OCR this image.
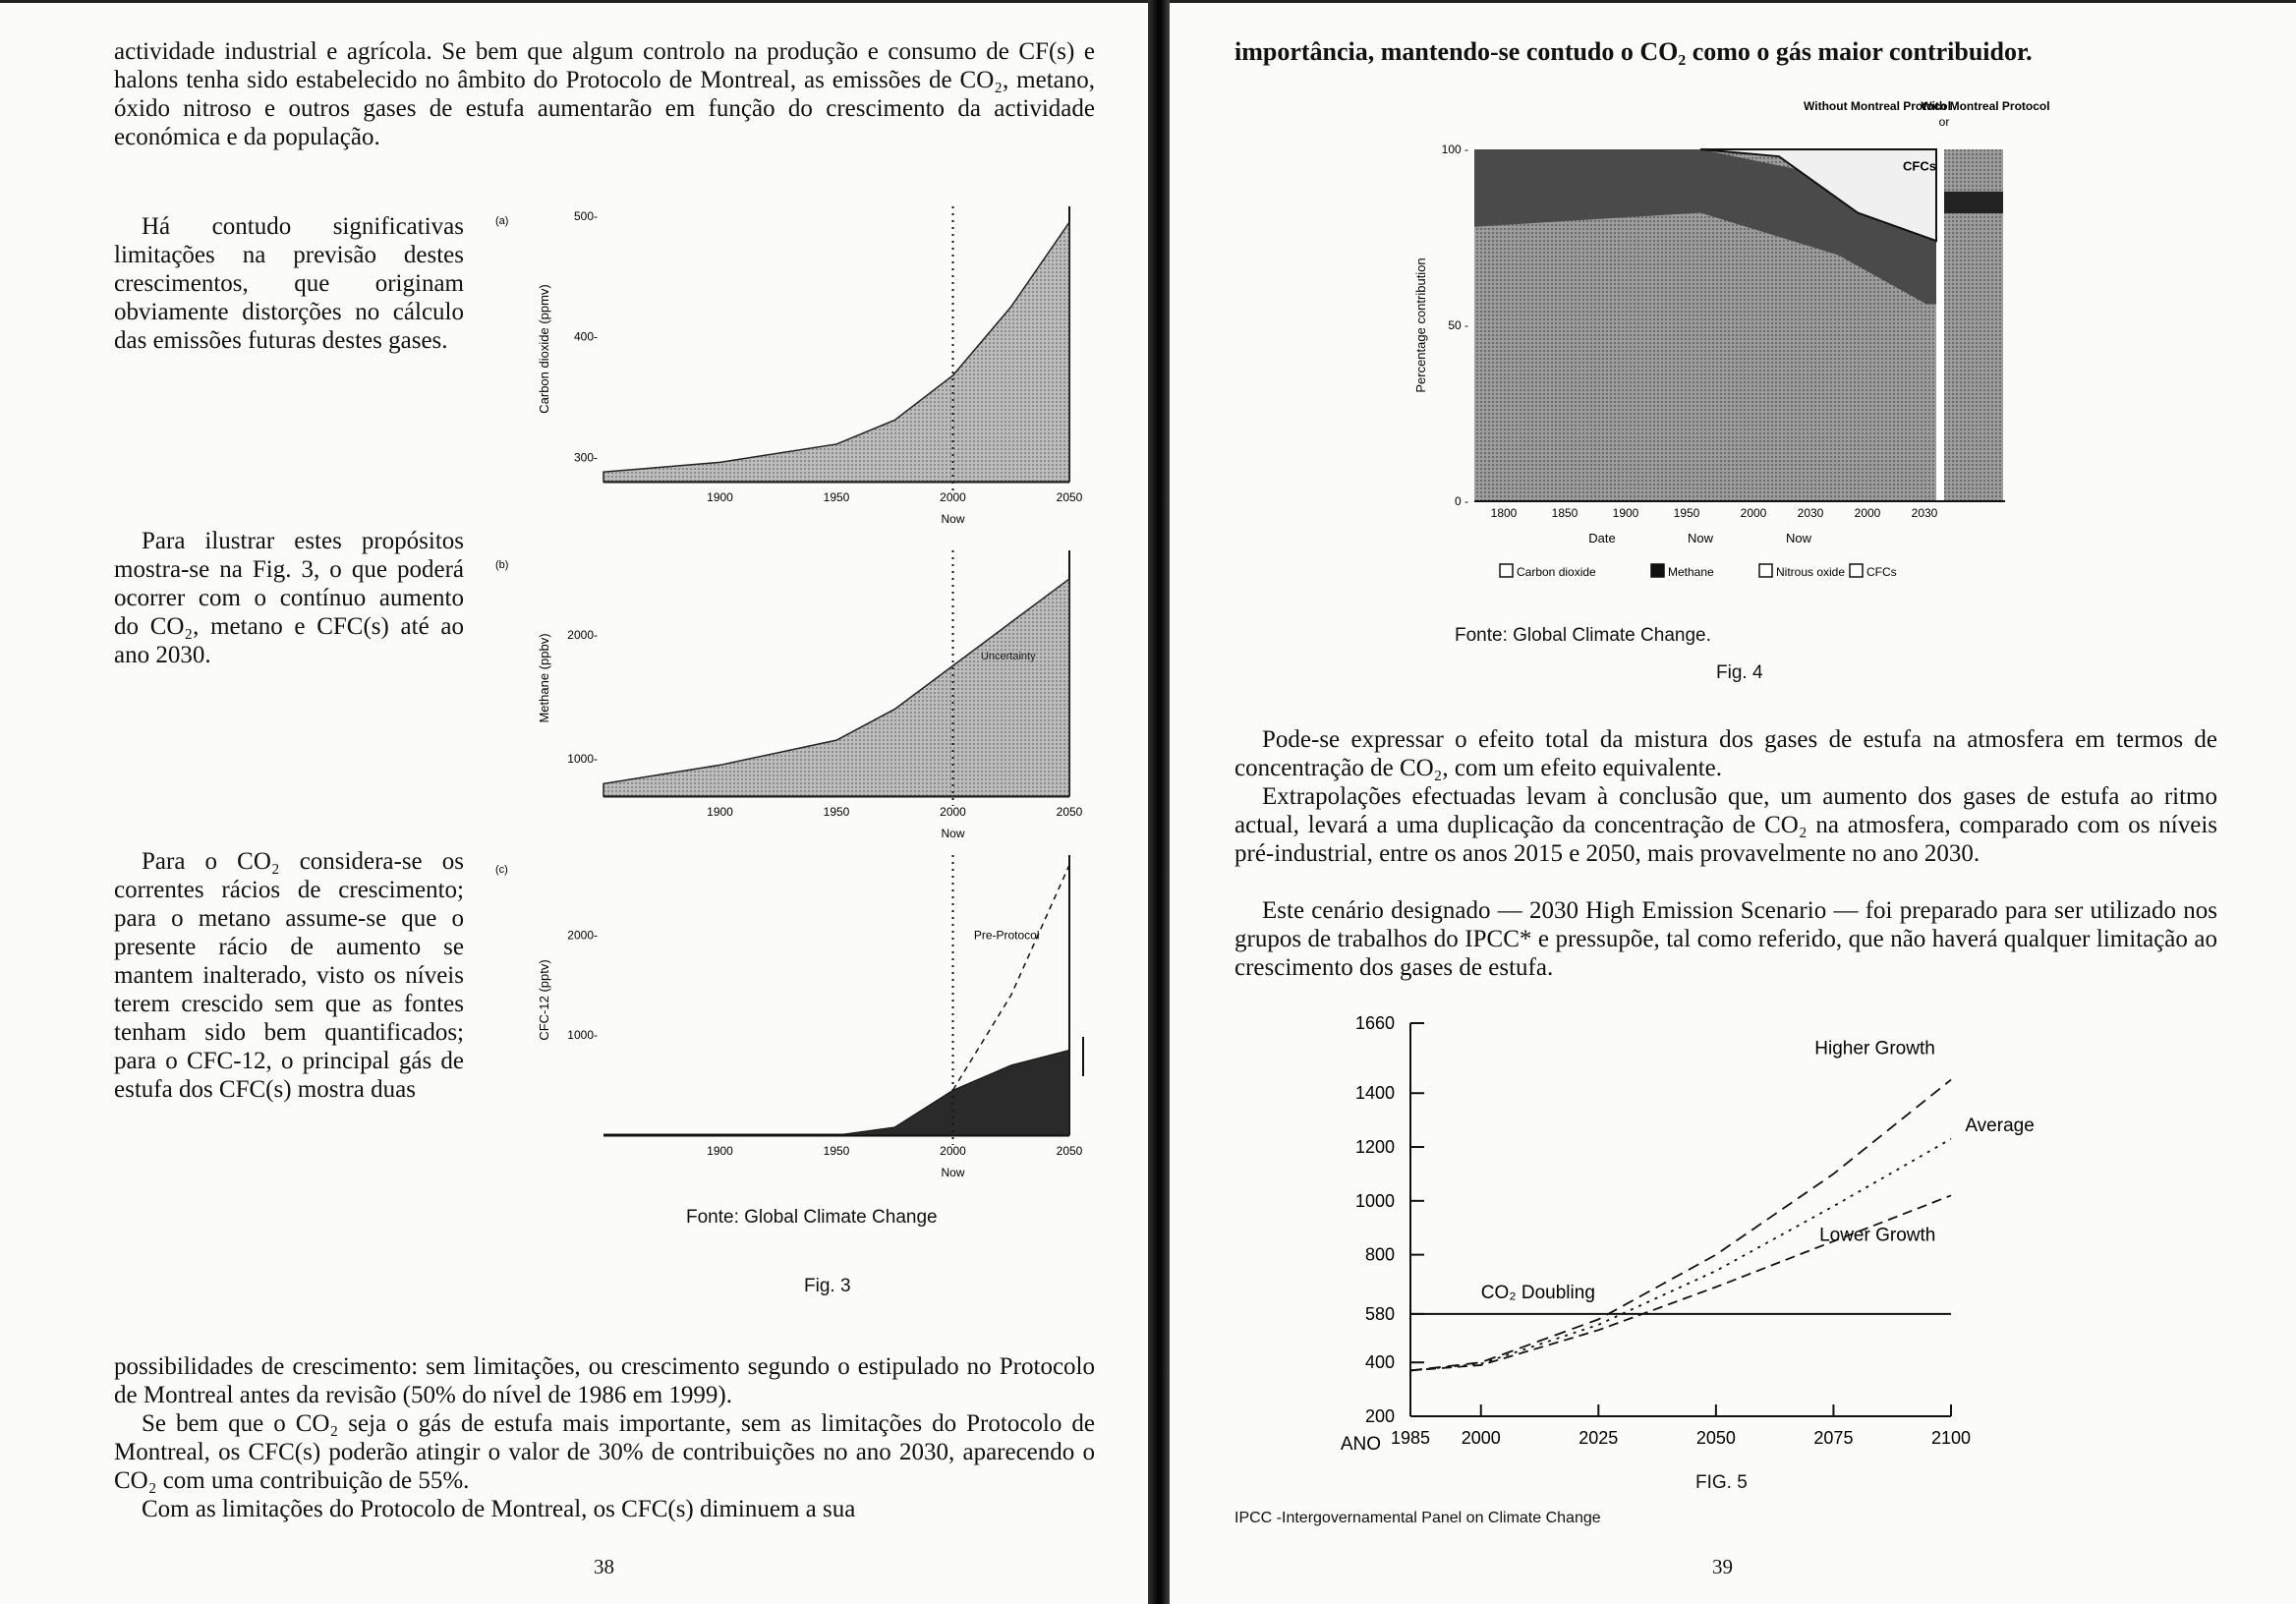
actividade industrial e agrícola. Se bem que algum controlo na produção e consumo de CF(s) e halons tenha sido estabelecido no âmbito do Protocolo de Montreal, as emissões de CO₂, metano, óxido nitroso e outros gases de estufa aumentarão em função do crescimento da actividade económica e da população.

Há contudo significativas limitações na previsão destes crescimentos, que originam obviamente distorções no cálculo das emissões futuras destes gases.

Para ilustrar estes propósitos mostra-se na Fig. 3, o que poderá ocorrer com o contínuo aumento do CO₂, metano e CFC(s) até ao ano 2030.

Para o CO₂ considera-se os correntes rácios de crescimento; para o metano assume-se que o presente rácio de aumento se mantem inalterado, visto os níveis terem crescido sem que as fontes tenham sido bem quantificados; para o CFC-12, o principal gás de estufa dos CFC(s) mostra duas

(a)
Carbon dioxide (ppmv)
300-
400-
500-
1900	1950	2000	2050
Now
(b)
Methane (ppbv)
1000-
2000-
1900	1950	2000	2050
Now
Uncertainty
(c)
CFC-12 (pptv) 1000-
2000-	Pre-Protocol
1900	1950	2000	2050
Now
Fonte: Global Climate Change
Fig. 3

possibilidades de crescimento: sem limitações, ou crescimento segundo o estipulado no Protocolo de Montreal antes da revisão (50% do nível de 1986 em 1999).

Se bem que o CO₂ seja o gás de estufa mais importante, sem as limitações do Protocolo de Montreal, os CFC(s) poderão atingir o valor de 30% de contribuições no ano 2030, aparecendo o CO₂ com uma contribuição de 55%.

Com as limitações do Protocolo de Montreal, os CFC(s) diminuem a sua

38

importância, mantendo-se contudo o CO₂ como o gás maior contribuidor.

Percentage contribution
0 -
50 -
100 -
1800	1850	1900	1950	2000	2030	2000	2030
Date	Now	Now
Without Montreal Protocol
or
With Montreal Protocol
CFCs
Carbon dioxide	Methane	Nitrous oxide CFCs
Fonte: Global Climate Change.
Fig. 4

Pode-se expressar o efeito total da mistura dos gases de estufa na atmosfera em termos de concentração de CO₂, com um efeito equivalente.

Extrapolações efectuadas levam à conclusão que, um aumento dos gases de estufa ao ritmo actual, levará a uma duplicação da concentração de CO₂ na atmosfera, comparado com os níveis pré-industrial, entre os anos 2015 e 2050, mais provavelmente no ano 2030.

Este cenário designado — 2030 High Emission Scenario — foi preparado para ser utilizado nos grupos de trabalhos do IPCC* e pressupõe, tal como referido, que não haverá qualquer limitação ao crescimento dos gases de estufa.

200
400
580
800
1000
1200
1400
1660
1985 2000	2025	2050	2075	2100
ANO
CO₂ Doubling
Higher Growth
Average
Lower Growth
FIG. 5
IPCC -Intergovernamental Panel on Climate Change
39
